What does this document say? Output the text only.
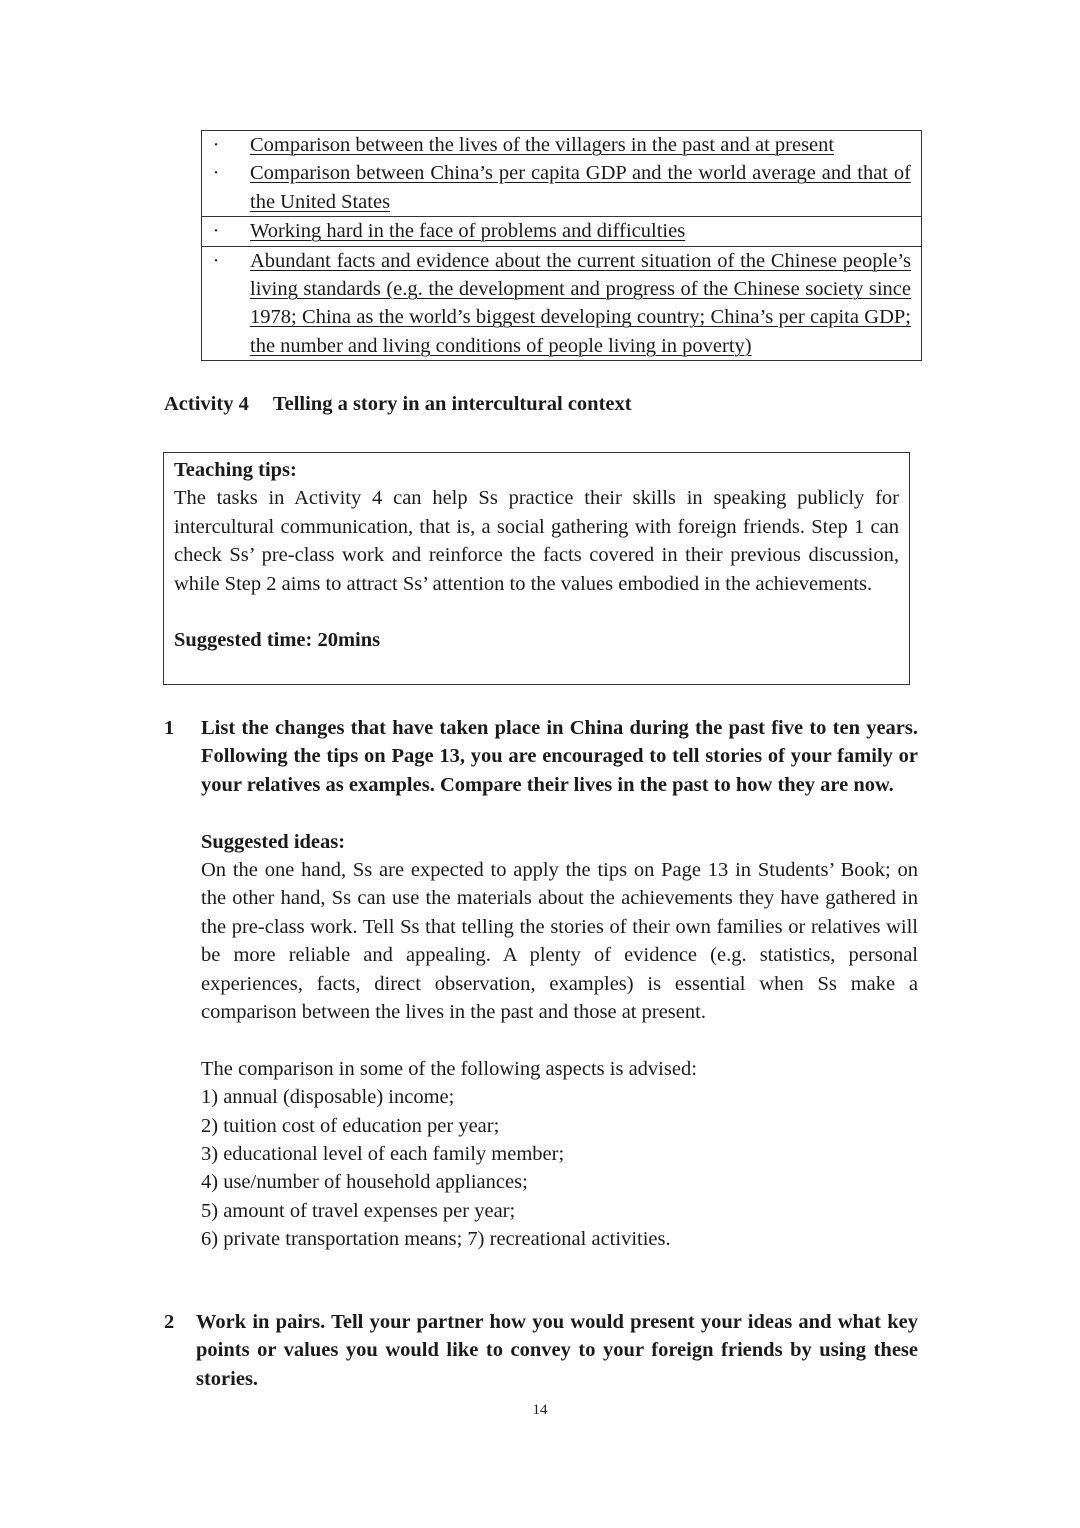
·	Comparison between the lives of the villagers in the past and at present
·	Comparison between China’s per capita GDP and the world average and that of the United States

·	Working hard in the face of problems and difficulties

·	Abundant facts and evidence about the current situation of the Chinese people’s living standards (e.g. the development and progress of the Chinese society since 1978; China as the world’s biggest developing country; China’s per capita GDP; the number and living conditions of people living in poverty)
Activity 4 Telling a story in an intercultural context
Teaching tips:
The tasks in Activity 4 can help Ss practice their skills in speaking publicly for intercultural communication, that is, a social gathering with foreign friends. Step 1 can check Ss’ pre-class work and reinforce the facts covered in their previous discussion, while Step 2 aims to attract Ss’ attention to the values embodied in the achievements.
Suggested time: 20mins
1	List the changes that have taken place in China during the past five to ten years. Following the tips on Page 13, you are encouraged to tell stories of your family or your relatives as examples. Compare their lives in the past to how they are now.

Suggested ideas:

On the one hand, Ss are expected to apply the tips on Page 13 in Students’ Book; on the other hand, Ss can use the materials about the achievements they have gathered in the pre-class work. Tell Ss that telling the stories of their own families or relatives will be more reliable and appealing. A plenty of evidence (e.g. statistics, personal experiences, facts, direct observation, examples) is essential when Ss make a comparison between the lives in the past and those at present.

The comparison in some of the following aspects is advised:

1) annual (disposable) income;

2) tuition cost of education per year;

3) educational level of each family member;

4) use/number of household appliances;

5) amount of travel expenses per year;

6) private transportation means; 7) recreational activities.

2	Work in pairs. Tell your partner how you would present your ideas and what key points or values you would like to convey to your foreign friends by using these stories.

14
